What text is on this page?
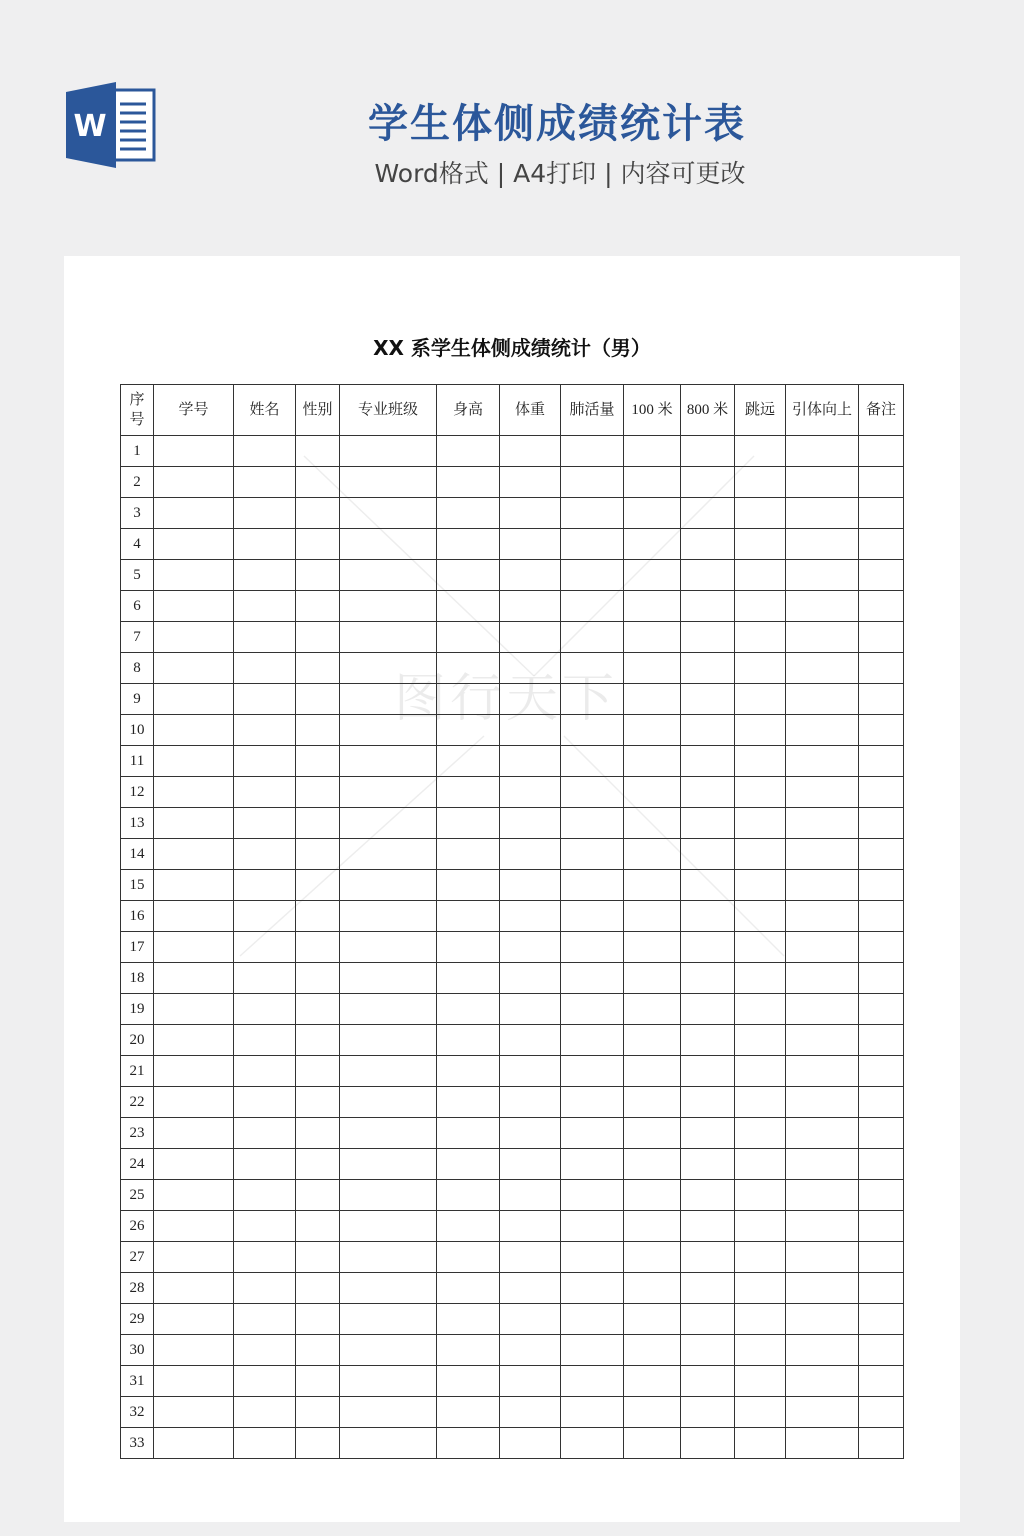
W	学生体侧成绩统计表
Word格式 | A4打印 | 内容可更改
图行天下
XX 系学生体侧成绩统计（男）
序号	学号	姓名	性别	专业班级	身高	体重	肺活量	100 米	800 米	跳远	引体向上	备注
1												
2												
3												
4												
5												
6												
7												
8												
9												
10												
11												
12												
13												
14												
15												
16												
17												
18												
19												
20												
21												
22												
23												
24												
25												
26												
27												
28												
29												
30												
31												
32												
33												
